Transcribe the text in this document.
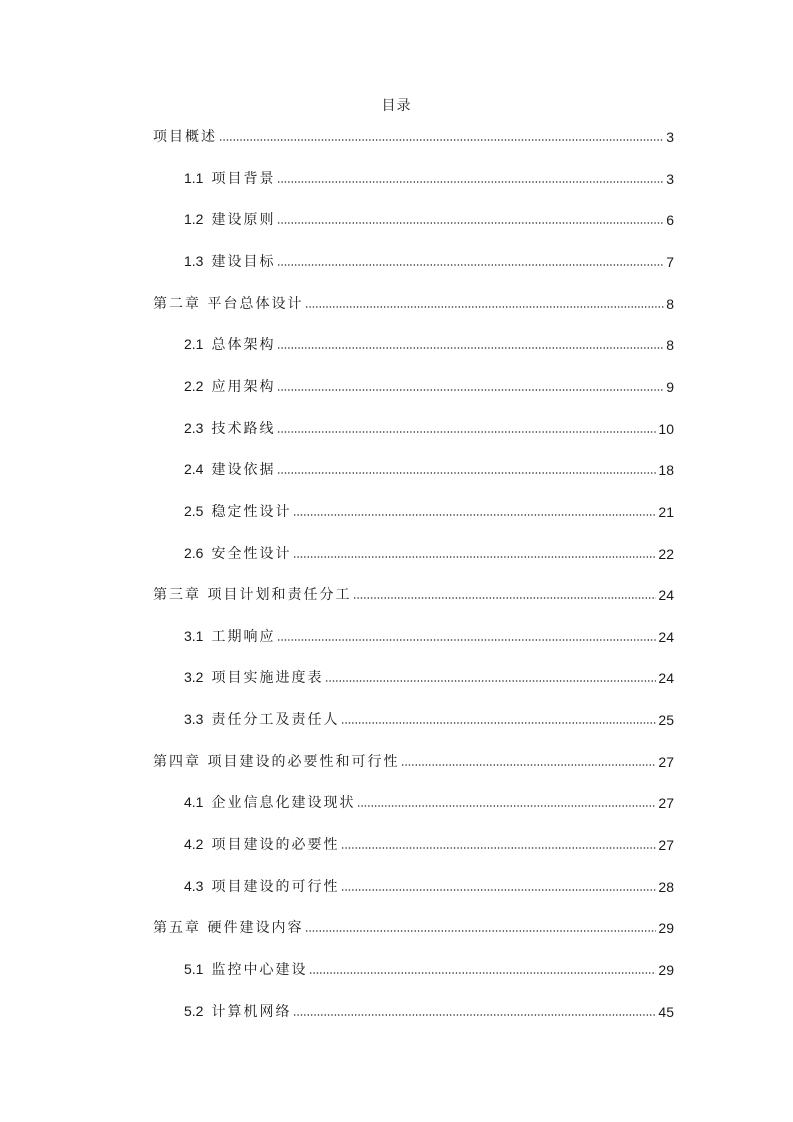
目录
项目概述	3
1.1 项目背景	3
1.2 建设原则	6
1.3 建设目标	7
第二章 平台总体设计	8
2.1 总体架构	8
2.2 应用架构	9
2.3 技术路线	10
2.4 建设依据	18
2.5 稳定性设计	21
2.6 安全性设计	22
第三章 项目计划和责任分工	24
3.1 工期响应	24
3.2 项目实施进度表	24
3.3 责任分工及责任人	25
第四章 项目建设的必要性和可行性	27
4.1 企业信息化建设现状	27
4.2 项目建设的必要性	27
4.3 项目建设的可行性	28
第五章 硬件建设内容	29
5.1 监控中心建设	29
5.2 计算机网络	45
